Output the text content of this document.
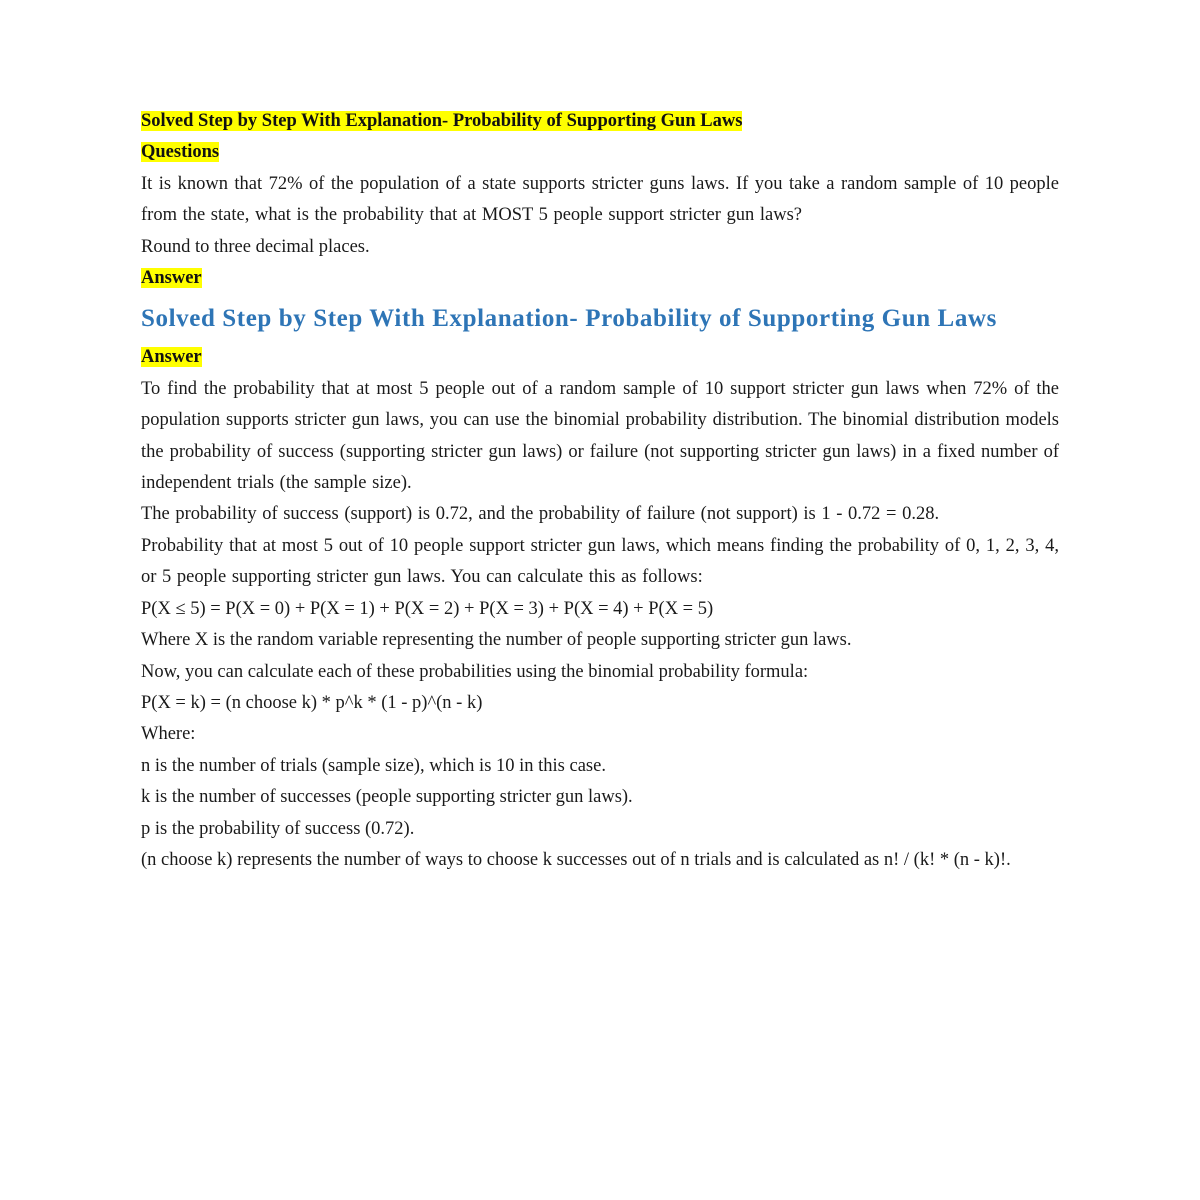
Solved Step by Step With Explanation- Probability of Supporting Gun Laws

Questions

It is known that 72% of the population of a state supports stricter guns laws. If you take a random sample of 10 people from the state, what is the probability that at MOST 5 people support stricter gun laws?

Round to three decimal places.

Answer

Solved Step by Step With Explanation- Probability of Supporting Gun Laws

Answer

To find the probability that at most 5 people out of a random sample of 10 support stricter gun laws when 72% of the population supports stricter gun laws, you can use the binomial probability distribution. The binomial distribution models the probability of success (supporting stricter gun laws) or failure (not supporting stricter gun laws) in a fixed number of independent trials (the sample size).

The probability of success (support) is 0.72, and the probability of failure (not support) is 1 - 0.72 = 0.28.

Probability that at most 5 out of 10 people support stricter gun laws, which means finding the probability of 0, 1, 2, 3, 4, or 5 people supporting stricter gun laws. You can calculate this as follows:

P(X ≤ 5) = P(X = 0) + P(X = 1) + P(X = 2) + P(X = 3) + P(X = 4) + P(X = 5)

Where X is the random variable representing the number of people supporting stricter gun laws.

Now, you can calculate each of these probabilities using the binomial probability formula:

P(X = k) = (n choose k) * p^k * (1 - p)^(n - k)

Where:

n is the number of trials (sample size), which is 10 in this case.

k is the number of successes (people supporting stricter gun laws).

p is the probability of success (0.72).

(n choose k) represents the number of ways to choose k successes out of n trials and is calculated as n! / (k! * (n - k)!.
